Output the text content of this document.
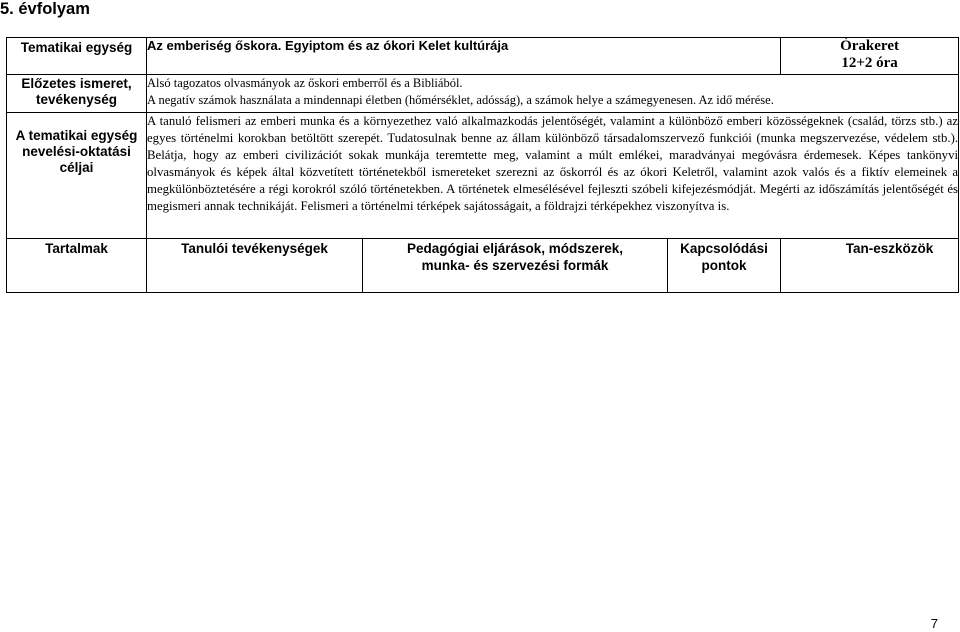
5. évfolyam
Tematikai egység	Az emberiség őskora. Egyiptom és az ókori Kelet kultúrája			Órakeret
12+2 óra

Előzetes ismeret, tevékenység	Alsó tagozatos olvasmányok az őskori emberről és a Bibliából.
A negatív számok használata a mindennapi életben (hőmérséklet, adósság), a számok helye a számegyenesen. Az idő mérése.			

A tematikai egység nevelési-oktatási céljai	A tanuló felismeri az emberi munka és a környezethez való alkalmazkodás jelentőségét, valamint a különböző emberi közösségeknek (család, törzs stb.) az egyes történelmi korokban betöltött szerepét. Tudatosulnak benne az állam különböző társadalomszervező funkciói (munka megszervezése, védelem stb.). Belátja, hogy az emberi civilizációt sokak munkája teremtette meg, valamint a múlt emlékei, maradványai megóvásra érdemesek. Képes tankönyvi olvasmányok és képek által közvetített történetekből ismereteket szerezni az őskorról és az ókori Keletről, valamint azok valós és a fiktív elemeinek a megkülönböztetésére a régi korokról szóló történetekben. A történetek elmesélésével fejleszti szóbeli kifejezésmódját. Megérti az időszámítás jelentőségét és megismeri annak technikáját. Felismeri a történelmi térképek sajátosságait, a földrajzi térképekhez viszonyítva is.			
Tartalmak	Tanulói tevékenységek	Pedagógiai eljárások, módszerek, munka- és szervezési formák	Kapcsolódási pontok	Tan-eszközök
7
